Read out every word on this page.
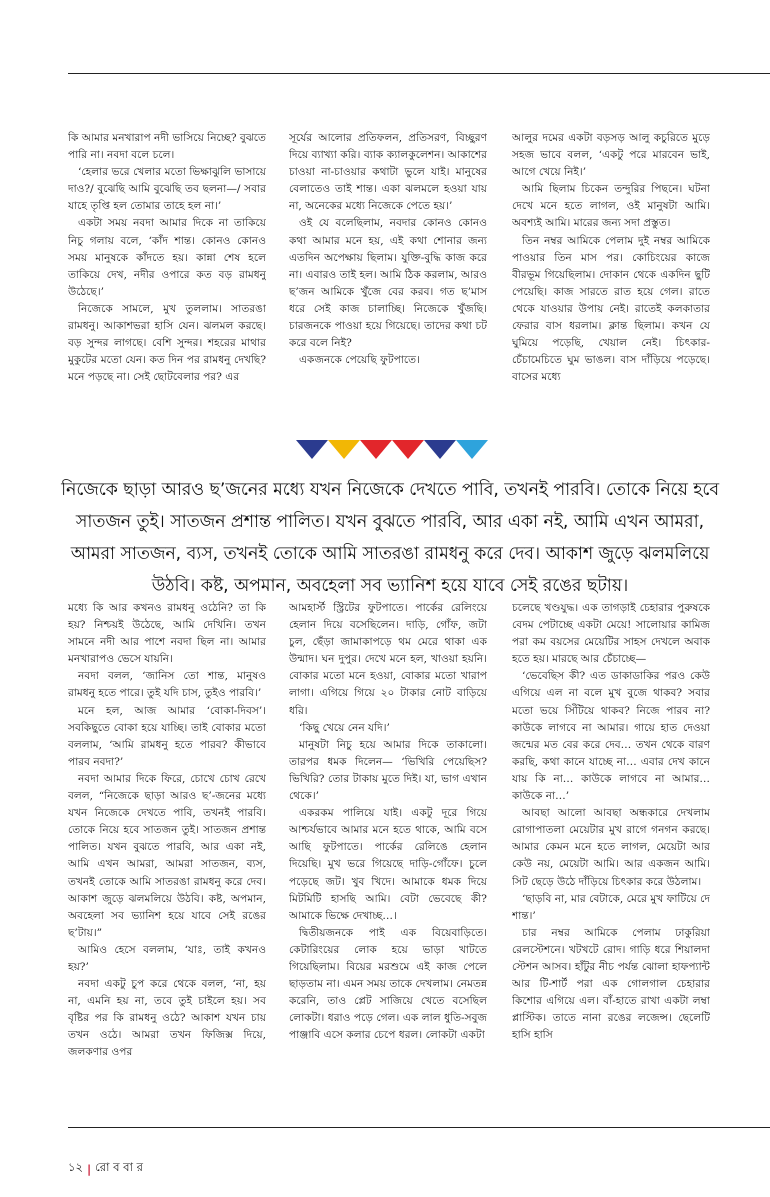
কি আমার মনখারাপ নদী ভাসিয়ে নিচ্ছে? বুঝতে পারি না। নবদা বলে চলে।

‘হেলার ভরে খেলার মতো ভিক্ষাঝুলি ভাসায়ে দাও?/ বুঝেছি আমি বুঝেছি তব ছলনা—/ সবার যাহে তৃপ্তি হল তোমার তাহে হল না।’

একটা সময় নবদা আমার দিকে না তাকিয়ে নিচু গলায় বলে, ‘কাঁদ শান্ত। কোনও কোনও সময় মানুষকে কাঁদতে হয়। কান্না শেষ হলে তাকিয়ে দেখ, নদীর ওপারে কত বড় রামধনু উঠেছে।’

নিজেকে সামলে, মুখ তুললাম। সাতরঙা রামধনু। আকাশভরা হাসি যেন। ঝলমল করছে। বড় সুন্দর লাগছে। বেশি সুন্দর। শহরের মাথার মুকুটের মতো যেন। কত দিন পর রামধনু দেখছি? মনে পড়ছে না। সেই ছোটবেলার পর? এর

সূর্যের আলোর প্রতিফলন, প্রতিসরণ, বিচ্ছুরণ দিয়ে ব্যাখ্যা করি। ব্যাক ক্যালকুলেশন। আকাশের চাওয়া না-চাওয়ার কথাটা ভুলে যাই। মানুষের বেলাতেও তাই শান্ত। একা ঝলমলে হওয়া যায় না, অনেকের মধ্যে নিজেকে পেতে হয়।’

ওই যে বলেছিলাম, নবদার কোনও কোনও কথা আমার মনে হয়, এই কথা শোনার জন্য এতদিন অপেক্ষায় ছিলাম। যুক্তি-বুদ্ধি কাজ করে না। এবারও তাই হল। আমি ঠিক করলাম, আরও ছ’জন আমিকে খুঁজে বের করব। গত ছ’মাস ধরে সেই কাজ চালাচ্ছি। নিজেকে খুঁজছি। চারজনকে পাওয়া হয়ে গিয়েছে। তাদের কথা চট করে বলে নিই?

একজনকে পেয়েছি ফুটপাতে।

আলুর দমের একটা বড়সড় আলু কচুরিতে মুড়ে সহজ ভাবে বলল, ‘একটু পরে মারবেন ভাই, আগে খেয়ে নিই।’

আমি ছিলাম চিকেন তন্দুরির পিছনে। ঘটনা দেখে মনে হতে লাগল, ওই মানুষটা আমি। অবশ্যই আমি। মারের জন্য সদা প্রস্তুত।

তিন নম্বর আমিকে পেলাম দুই নম্বর আমিকে পাওয়ার তিন মাস পর। কোচিংয়ের কাজে বীরভূম গিয়েছিলাম। দোকান থেকে একদিন ছুটি পেয়েছি। কাজ সারতে রাত হয়ে গেল। রাতে থেকে যাওয়ার উপায় নেই। রাতেই কলকাতার ফেরার বাস ধরলাম। ক্লান্ত ছিলাম। কখন যে ঘুমিয়ে পড়েছি, খেয়াল নেই। চিৎকার-চেঁচামেচিতে ঘুম ভাঙল। বাস দাঁড়িয়ে পড়েছে। বাসের মধ্যে

নিজেকে ছাড়া আরও ছ’জনের মধ্যে যখন নিজেকে দেখতে পাবি, তখনই পারবি। তোকে নিয়ে হবে সাতজন তুই। সাতজন প্রশান্ত পালিত। যখন বুঝতে পারবি, আর একা নই, আমি এখন আমরা, আমরা সাতজন, ব্যস, তখনই তোকে আমি সাতরঙা রামধনু করে দেব। আকাশ জুড়ে ঝলমলিয়ে উঠবি। কষ্ট, অপমান, অবহেলা সব ভ্যানিশ হয়ে যাবে সেই রঙের ছটায়।

মধ্যে কি আর কখনও রামধনু ওঠেনি? তা কি হয়? নিশ্চয়ই উঠেছে, আমি দেখিনি। তখন সামনে নদী আর পাশে নবদা ছিল না। আমার মনখারাপও ভেসে যায়নি।

নবদা বলল, ‘জানিস তো শান্ত, মানুষও রামধনু হতে পারে। তুই যদি চাস, তুইও পারবি।’

মনে হল, আজ আমার ‘বোকা-দিবস’। সবকিছুতে বোকা হয়ে যাচ্ছি। তাই বোকার মতো বললাম, ‘আমি রামধনু হতে পারব? কীভাবে পারব নবদা?’

নবদা আমার দিকে ফিরে, চোখে চোখ রেখে বলল, “নিজেকে ছাড়া আরও ছ’-জনের মধ্যে যখন নিজেকে দেখতে পাবি, তখনই পারবি। তোকে নিয়ে হবে সাতজন তুই। সাতজন প্রশান্ত পালিত। যখন বুঝতে পারবি, আর একা নই, আমি এখন আমরা, আমরা সাতজন, ব্যস, তখনই তোকে আমি সাতরঙা রামধনু করে দেব। আকাশ জুড়ে ঝলমলিয়ে উঠবি। কষ্ট, অপমান, অবহেলা সব ভ্যানিশ হয়ে যাবে সেই রঙের ছ’টায়।”

আমিও হেসে বললাম, ‘যাঃ, তাই কখনও হয়?’

নবদা একটু চুপ করে থেকে বলল, ‘না, হয় না, এমনি হয় না, তবে তুই চাইলে হয়। সব বৃষ্টির পর কি রামধনু ওঠে? আকাশ যখন চায় তখন ওঠে। আমরা তখন ফিজিক্স দিয়ে, জলকণার ওপর

আমহার্স্ট স্ট্রিটের ফুটপাতে। পার্কের রেলিংয়ে হেলান দিয়ে বসেছিলেন। দাড়ি, গোঁফ, জটা চুল, ছেঁড়া জামাকাপড়ে থম মেরে থাকা এক উন্মাদ। ঘন দুপুর। দেখে মনে হল, খাওয়া হয়নি। বোকার মতো মনে হওয়া, বোকার মতো খারাপ লাগা। এগিয়ে গিয়ে ২০ টাকার নোট বাড়িয়ে ধরি।

‘কিছু খেয়ে নেন যদি।’

মানুষটা নিচু হয়ে আমার দিকে তাকালো। তারপর ধমক দিলেন— ‘ভিখিরি পেয়েছিস? ভিখিরি? তোর টাকায় মুতে দিই। যা, ভাগ এখান থেকে।’

একরকম পালিয়ে যাই। একটু দূরে গিয়ে আশ্চর্যভাবে আমার মনে হতে থাকে, আমি বসে আছি ফুটপাতে। পার্কের রেলিঙে হেলান দিয়েছি। মুখ ভরে গিয়েছে দাড়ি-গোঁফে। চুলে পড়েছে জট। খুব খিদে। আমাকে ধমক দিয়ে মিটমিটি হাসছি আমি। বেটা ভেবেছে কী? আমাকে ভিক্ষে দেখাচ্ছ…।

দ্বিতীয়জনকে পাই এক বিয়েবাড়িতে। কেটারিংয়ের লোক হয়ে ভাড়া খাটতে গিয়েছিলাম। বিয়ের মরশুমে এই কাজ পেলে ছাড়তাম না। এমন সময় তাকে দেখলাম। নেমতন্ন করেনি, তাও প্লেট সাজিয়ে খেতে বসেছিল লোকটা। ধরাও পড়ে গেল। এক লাল ধুতি-সবুজ পাঞ্জাবি এসে কলার চেপে ধরল। লোকটা একটা

চলেছে খণ্ডযুদ্ধ। এক তাগড়াই চেহারার পুরুষকে বেদম পেটাচ্ছে একটা মেয়ে! সালোয়ার কামিজ পরা কম বয়সের মেয়েটির সাহস দেখলে অবাক হতে হয়। মারছে আর চেঁচাচ্ছে—

‘ভেবেছিস কী? এত ডাকাডাকির পরও কেউ এগিয়ে এল না বলে মুখ বুজে থাকব? সবার মতো ভয়ে সিঁটিয়ে থাকব? নিজে পারব না? কাউকে লাগবে না আমার। গায়ে হাত দেওয়া জন্মের মত বের করে দেব… তখন থেকে বারণ করছি, কথা কানে যাচ্ছে না… এবার দেখ কানে যায় কি না… কাউকে লাগবে না আমার…কাউকে না…’

আবছা আলো আবছা অন্ধকারে দেখলাম রোগাপাতলা মেয়েটার মুখ রাগে গনগন করছে। আমার কেমন মনে হতে লাগল, মেয়েটা আর কেউ নয়, মেয়েটা আমি। আর একজন আমি। সিট ছেড়ে উঠে দাঁড়িয়ে চিৎকার করে উঠলাম।

‘ছাড়বি না, মার বেটাকে, মেরে মুখ ফাটিয়ে দে শান্ত।’

চার নম্বর আমিকে পেলাম ঢাকুরিয়া রেলস্টেশনে। খটখটে রোদ। গাড়ি ধরে শিয়ালদা স্টেশন আসব। হাঁটুর নীচ পর্যন্ত ঝোলা হাফপ্যান্ট আর টি-শার্ট পরা এক গোলগাল চেহারার কিশোর এগিয়ে এল। বাঁ-হাতে রাখা একটা লম্বা প্লাস্টিক। তাতে নানা রঙের লজেন্স। ছেলেটি হাসি হাসি

১২ | রো ব বা র
